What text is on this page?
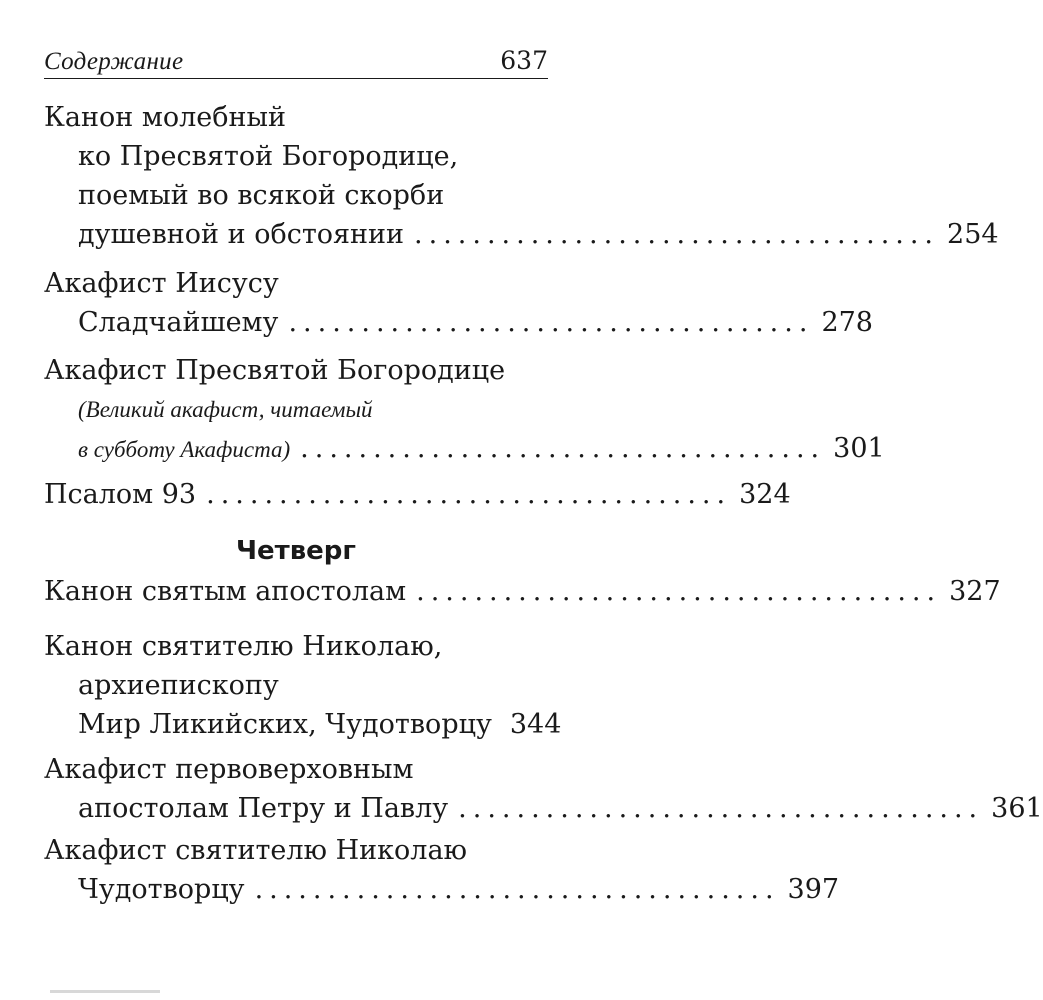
Содержание	637
Канон молебный
ко Пресвятой Богородице,
поемый во всякой скорби
душевной и обстоянии .................................... 254
Акафист Иисусу
Сладчайшему .................................... 278
Акафист Пресвятой Богородице
(Великий акафист, читаемый
в субботу Акафиста) .................................... 301
Псалом 93 .................................... 324
Четверг
Канон святым апостолам .................................... 327
Канон святителю Николаю,
архиепископу
Мир Ликийских, Чудотворцу 344
Акафист первоверховным
апостолам Петру и Павлу .................................... 361
Акафист святителю Николаю
Чудотворцу .................................... 397
